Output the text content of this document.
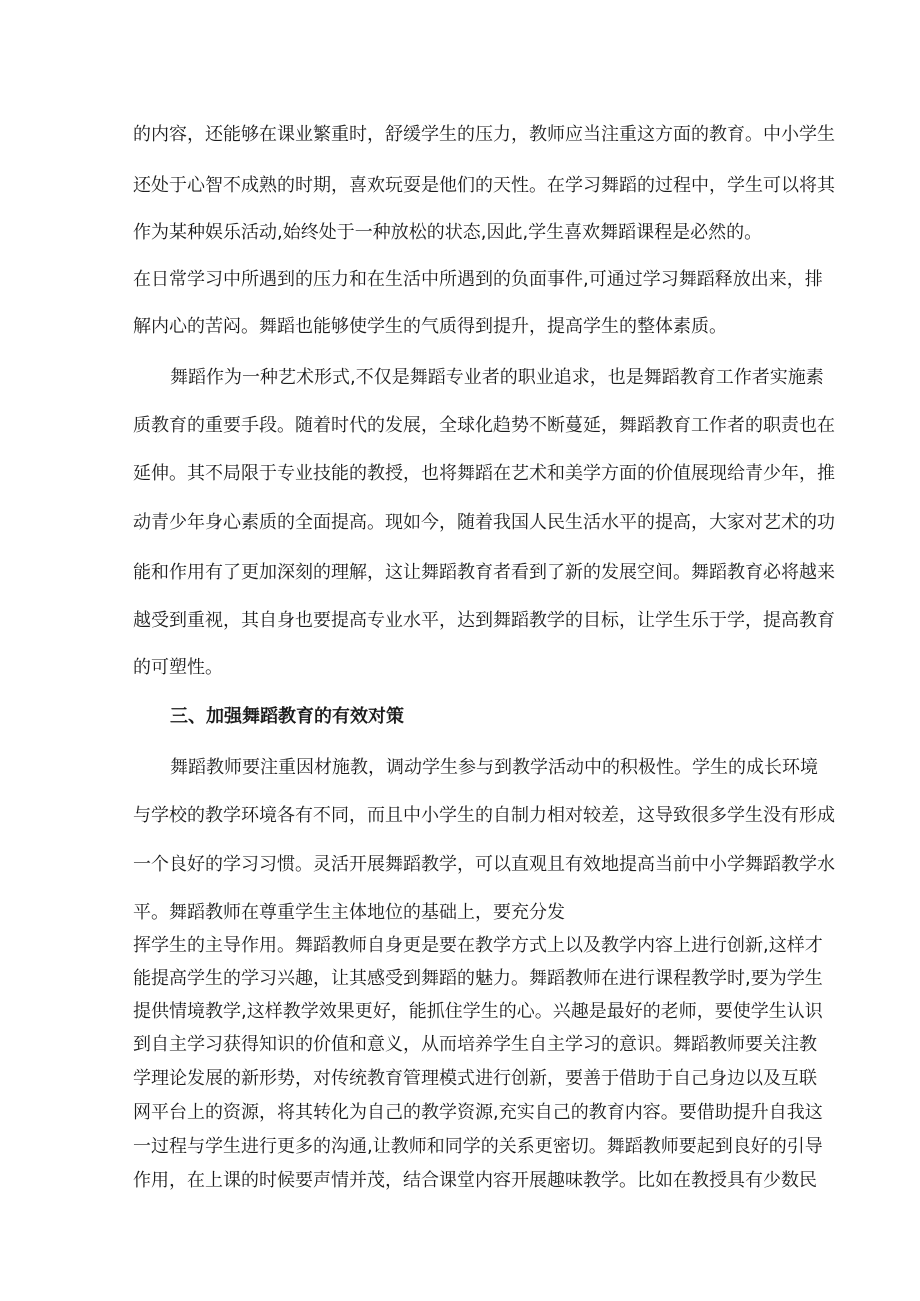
的内容，还能够在课业繁重时，舒缓学生的压力，教师应当注重这方面的教育。中小学生
还处于心智不成熟的时期，喜欢玩耍是他们的天性。在学习舞蹈的过程中，学生可以将其
作为某种娱乐活动,始终处于一种放松的状态,因此,学生喜欢舞蹈课程是必然的。
在日常学习中所遇到的压力和在生活中所遇到的负面事件,可通过学习舞蹈释放出来，排
解内心的苦闷。舞蹈也能够使学生的气质得到提升，提高学生的整体素质。
舞蹈作为一种艺术形式,不仅是舞蹈专业者的职业追求，也是舞蹈教育工作者实施素
质教育的重要手段。随着时代的发展，全球化趋势不断蔓延，舞蹈教育工作者的职责也在
延伸。其不局限于专业技能的教授，也将舞蹈在艺术和美学方面的价值展现给青少年，推
动青少年身心素质的全面提高。现如今，随着我国人民生活水平的提高，大家对艺术的功
能和作用有了更加深刻的理解，这让舞蹈教育者看到了新的发展空间。舞蹈教育必将越来
越受到重视，其自身也要提高专业水平，达到舞蹈教学的目标，让学生乐于学，提高教育
的可塑性。
三、加强舞蹈教育的有效对策
舞蹈教师要注重因材施教，调动学生参与到教学活动中的积极性。学生的成长环境
与学校的教学环境各有不同，而且中小学生的自制力相对较差，这导致很多学生没有形成
一个良好的学习习惯。灵活开展舞蹈教学，可以直观且有效地提高当前中小学舞蹈教学水
平。舞蹈教师在尊重学生主体地位的基础上，要充分发
挥学生的主导作用。舞蹈教师自身更是要在教学方式上以及教学内容上进行创新,这样才
能提高学生的学习兴趣，让其感受到舞蹈的魅力。舞蹈教师在进行课程教学时,要为学生
提供情境教学,这样教学效果更好，能抓住学生的心。兴趣是最好的老师，要使学生认识
到自主学习获得知识的价值和意义，从而培养学生自主学习的意识。舞蹈教师要关注教
学理论发展的新形势，对传统教育管理模式进行创新，要善于借助于自己身边以及互联
网平台上的资源，将其转化为自己的教学资源,充实自己的教育内容。要借助提升自我这
一过程与学生进行更多的沟通,让教师和同学的关系更密切。舞蹈教师要起到良好的引导
作用，在上课的时候要声情并茂，结合课堂内容开展趣味教学。比如在教授具有少数民
